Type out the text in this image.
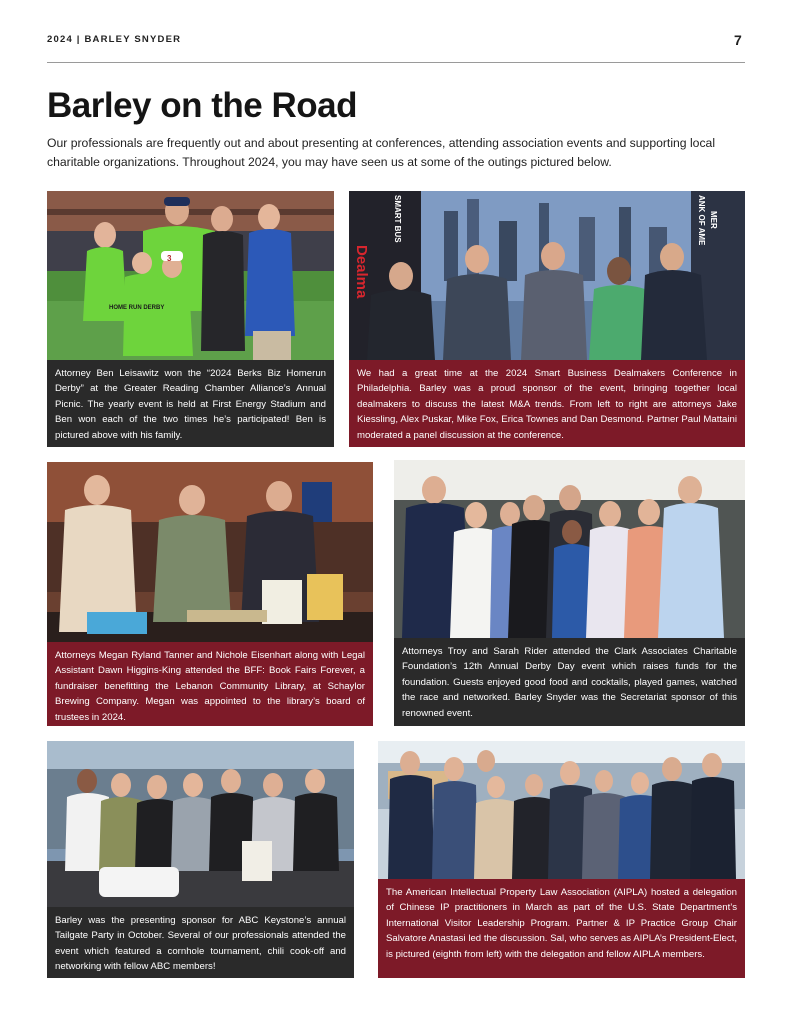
2024 | BARLEY SNYDER	7
Barley on the Road

Our professionals are frequently out and about presenting at conferences, attending association events and supporting local charitable organizations. Throughout 2024, you may have seen us at some of the outings pictured below.

HOME RUN DERBY
3
Attorney Ben Leisawitz won the “2024 Berks Biz Homerun Derby” at the Greater Reading Chamber Alliance’s Annual Picnic. The yearly event is held at First Energy Stadium and Ben won each of the two times he’s participated! Ben is pictured above with his family.
Dealma
SMART BUS	ANK OF AME MER
We had a great time at the 2024 Smart Business Dealmakers Conference in Philadelphia. Barley was a proud sponsor of the event, bringing together local dealmakers to discuss the latest M&A trends. From left to right are attorneys Jake Kiessling, Alex Puskar, Mike Fox, Erica Townes and Dan Desmond. Partner Paul Mattaini moderated a panel discussion at the conference.
Attorneys Megan Ryland Tanner and Nichole Eisenhart along with Legal Assistant Dawn Higgins-King attended the BFF: Book Fairs Forever, a fundraiser benefitting the Lebanon Community Library, at Schaylor Brewing Company. Megan was appointed to the library’s board of trustees in 2024.
Attorneys Troy and Sarah Rider attended the Clark Associates Charitable Foundation’s 12th Annual Derby Day event which raises funds for the foundation. Guests enjoyed good food and cocktails, played games, watched the race and networked. Barley Snyder was the Secretariat sponsor of this renowned event.
Barley was the presenting sponsor for ABC Keystone’s annual Tailgate Party in October. Several of our professionals attended the event which featured a cornhole tournament, chili cook-off and networking with fellow ABC members!
The American Intellectual Property Law Association (AIPLA) hosted a delegation of Chinese IP practitioners in March as part of the U.S. State Department’s International Visitor Leadership Program. Partner & IP Practice Group Chair Salvatore Anastasi led the discussion. Sal, who serves as AIPLA’s President-Elect, is pictured (eighth from left) with the delegation and fellow AIPLA members.
